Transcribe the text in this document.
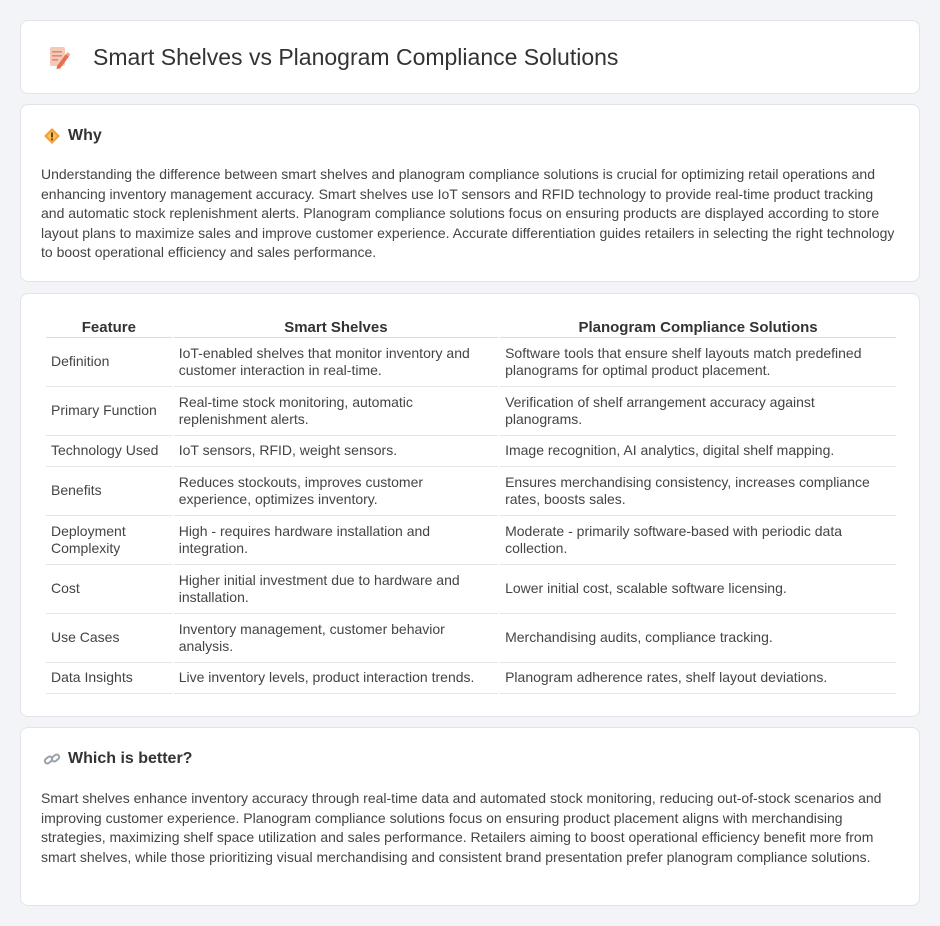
Smart Shelves vs Planogram Compliance Solutions
Why

Understanding the difference between smart shelves and planogram compliance solutions is crucial for optimizing retail operations and enhancing inventory management accuracy. Smart shelves use IoT sensors and RFID technology to provide real-time product tracking and automatic stock replenishment alerts. Planogram compliance solutions focus on ensuring products are displayed according to store layout plans to maximize sales and improve customer experience. Accurate differentiation guides retailers in selecting the right technology to boost operational efficiency and sales performance.

Feature	Smart Shelves	Planogram Compliance Solutions
Definition	IoT-enabled shelves that monitor inventory and customer interaction in real-time.	Software tools that ensure shelf layouts match predefined planograms for optimal product placement.
Primary Function	Real-time stock monitoring, automatic replenishment alerts.	Verification of shelf arrangement accuracy against planograms.
Technology Used	IoT sensors, RFID, weight sensors.	Image recognition, AI analytics, digital shelf mapping.
Benefits	Reduces stockouts, improves customer experience, optimizes inventory.	Ensures merchandising consistency, increases compliance rates, boosts sales.
Deployment Complexity	High - requires hardware installation and integration.	Moderate - primarily software-based with periodic data collection.
Cost	Higher initial investment due to hardware and installation.	Lower initial cost, scalable software licensing.
Use Cases	Inventory management, customer behavior analysis.	Merchandising audits, compliance tracking.
Data Insights	Live inventory levels, product interaction trends.	Planogram adherence rates, shelf layout deviations.
Which is better?

Smart shelves enhance inventory accuracy through real-time data and automated stock monitoring, reducing out-of-stock scenarios and improving customer experience. Planogram compliance solutions focus on ensuring product placement aligns with merchandising strategies, maximizing shelf space utilization and sales performance. Retailers aiming to boost operational efficiency benefit more from smart shelves, while those prioritizing visual merchandising and consistent brand presentation prefer planogram compliance solutions.
